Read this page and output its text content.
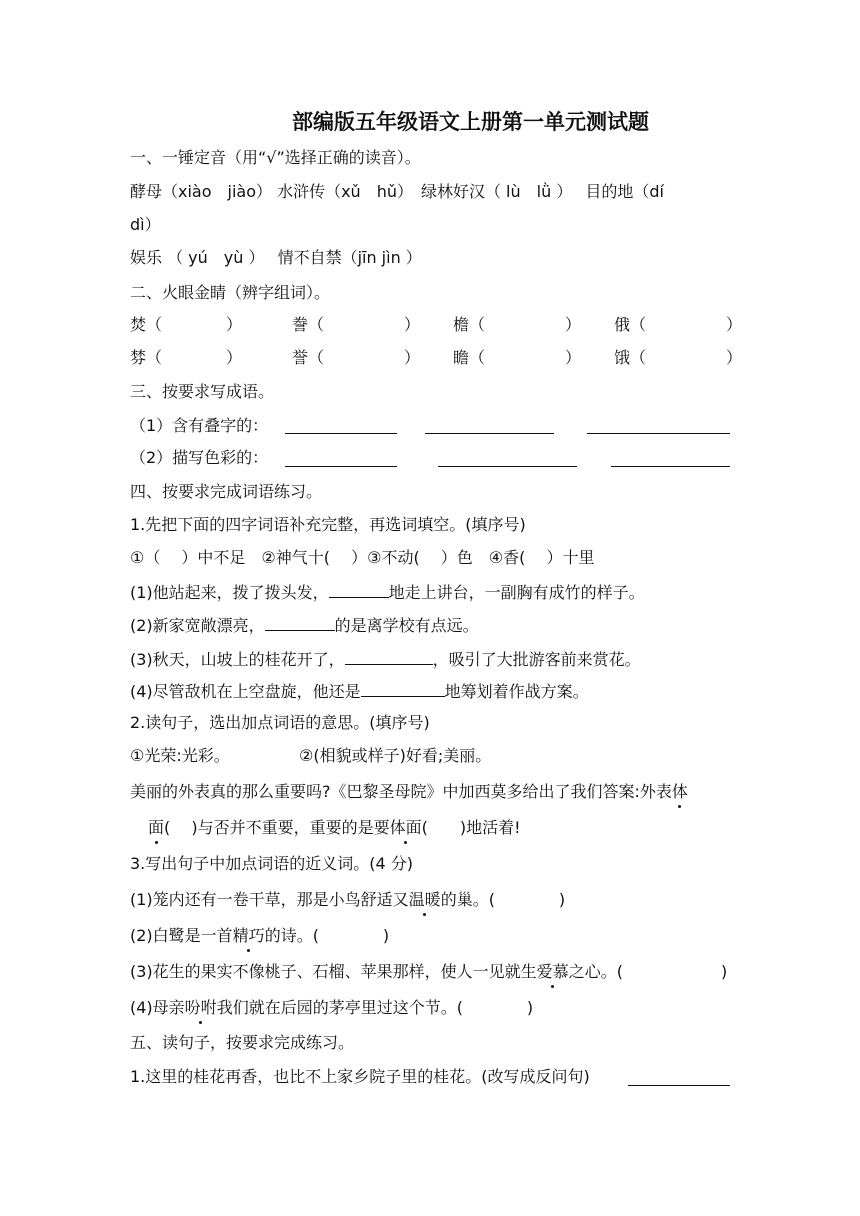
部编版五年级语文上册第一单元测试题
一、一锤定音（用“√”选择正确的读音）。
酵母（xiào　jiào） 水浒传（xǔ　hǔ）　绿林好汉（ lù　lǜ ）　 目的地（dí
dì）
娱乐 （ yú　yù ）　 情不自禁（jīn jìn ）
二、火眼金睛（辨字组词）。
焚（　　　　）	誊（　　　　　） 檐（　　　　　） 俄（　　　　　）
棼（　　　　）	誉（　　　　　） 瞻（　　　　　） 饿（　　　　　）
三、按要求写成语。
（1）含有叠字的：
（2）描写色彩的：
四、按要求完成词语练习。
1.先把下面的四字词语补充完整，再选词填空。(填序号)
①（　 ）中不足　②神气十(　 ）③不动(　 ）色　④香(　 ）十里
(1)他站起来，拨了拨头发，	地走上讲台，一副胸有成竹的样子。
(2)新家宽敞漂亮，	的是离学校有点远。
(3)秋天，山坡上的桂花开了，	，吸引了大批游客前来赏花。
(4)尽管敌机在上空盘旋，他还是	地筹划着作战方案。
2.读句子，选出加点词语的意思。(填序号)
①光荣:光彩。	②(相貌或样子)好看;美丽。
美丽的外表真的那么重要吗?《巴黎圣母院》中加西莫多给出了我们答案:外表体
面(　 )与否并不重要，重要的是要体面(　　)地活着!
3.写出句子中加点词语的近义词。(4 分)
(1)笼内还有一卷干草，那是小鸟舒适又温暖的巢。(　　　　)
(2)白鹭是一首精巧的诗。(　　　　)
(3)花生的果实不像桃子、石榴、苹果那样，使人一见就生爱慕之心。(	)
(4)母亲吩咐我们就在后园的茅亭里过这个节。(　　　　)
五、读句子，按要求完成练习。
1.这里的桂花再香，也比不上家乡院子里的桂花。(改写成反问句)
